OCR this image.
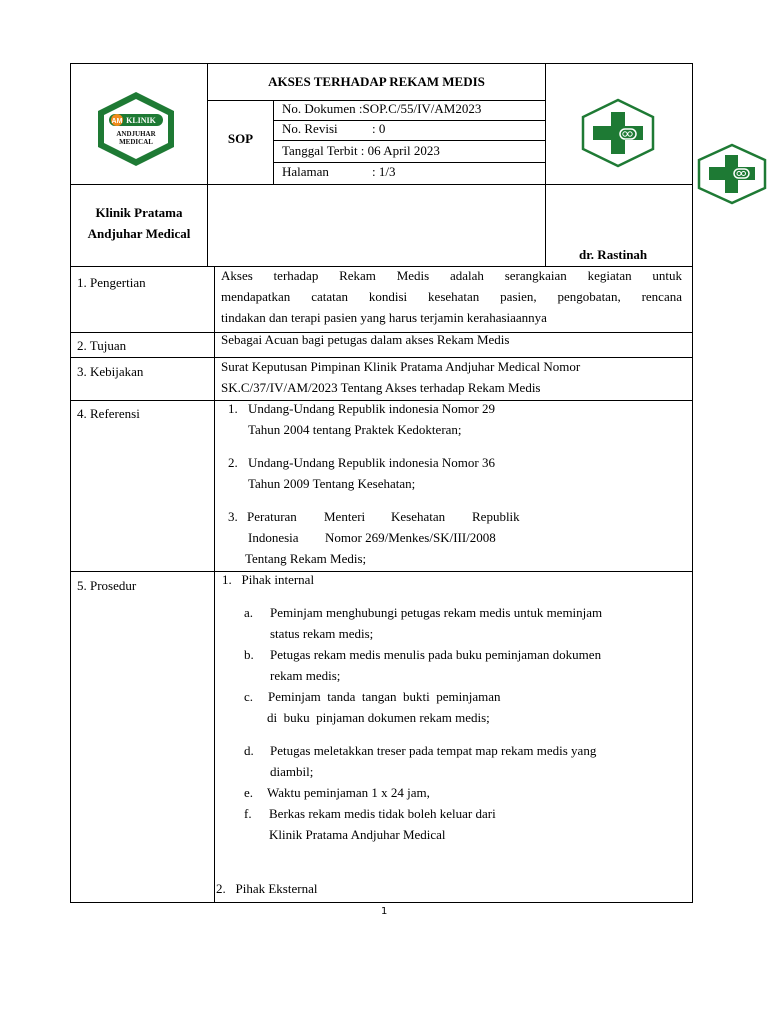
AM KLINIK
ANDJUHAR
MEDICAL
AKSES TERHADAP REKAM MEDIS
SOP
No. Dokumen :SOP.C/55/IV/AM2023
No. Revisi	: 0
Tanggal Terbit : 06 April 2023
Halaman	: 1/3
Klinik Pratama
Andjuhar Medical
dr. Rastinah
1. Pengertian	Akses terhadap Rekam Medis adalah serangkaian kegiatan untuk
mendapatkan catatan kondisi kesehatan pasien, pengobatan, rencana
tindakan dan terapi pasien yang harus terjamin kerahasiaannya
2. Tujuan	Sebagai Acuan bagi petugas dalam akses Rekam Medis
3. Kebijakan	Surat Keputusan Pimpinan Klinik Pratama Andjuhar Medical Nomor
SK.C/37/IV/AM/2023 Tentang Akses terhadap Rekam Medis
4. Referensi	1. Undang-Undang Republik indonesia Nomor 29
Tahun 2004 tentang Praktek Kedokteran;
2. Undang-Undang Republik indonesia Nomor 36
Tahun 2009 Tentang Kesehatan;
3. Peraturan Menteri Kesehatan Republik
Indonesia Nomor 269/Menkes/SK/III/2008
Tentang Rekam Medis;
5. Prosedur	1.   Pihak internal
a. Peminjam menghubungi petugas rekam medis untuk meminjam
status rekam medis;
b. Petugas rekam medis menulis pada buku peminjaman dokumen
rekam medis;
c. Peminjam  tanda  tangan  bukti  peminjaman
di  buku  pinjaman dokumen rekam medis;
d. Petugas meletakkan treser pada tempat map rekam medis yang
diambil;
e. Waktu peminjaman 1 x 24 jam,
f. Berkas rekam medis tidak boleh keluar dari
Klinik Pratama Andjuhar Medical
2.   Pihak Eksternal
1
